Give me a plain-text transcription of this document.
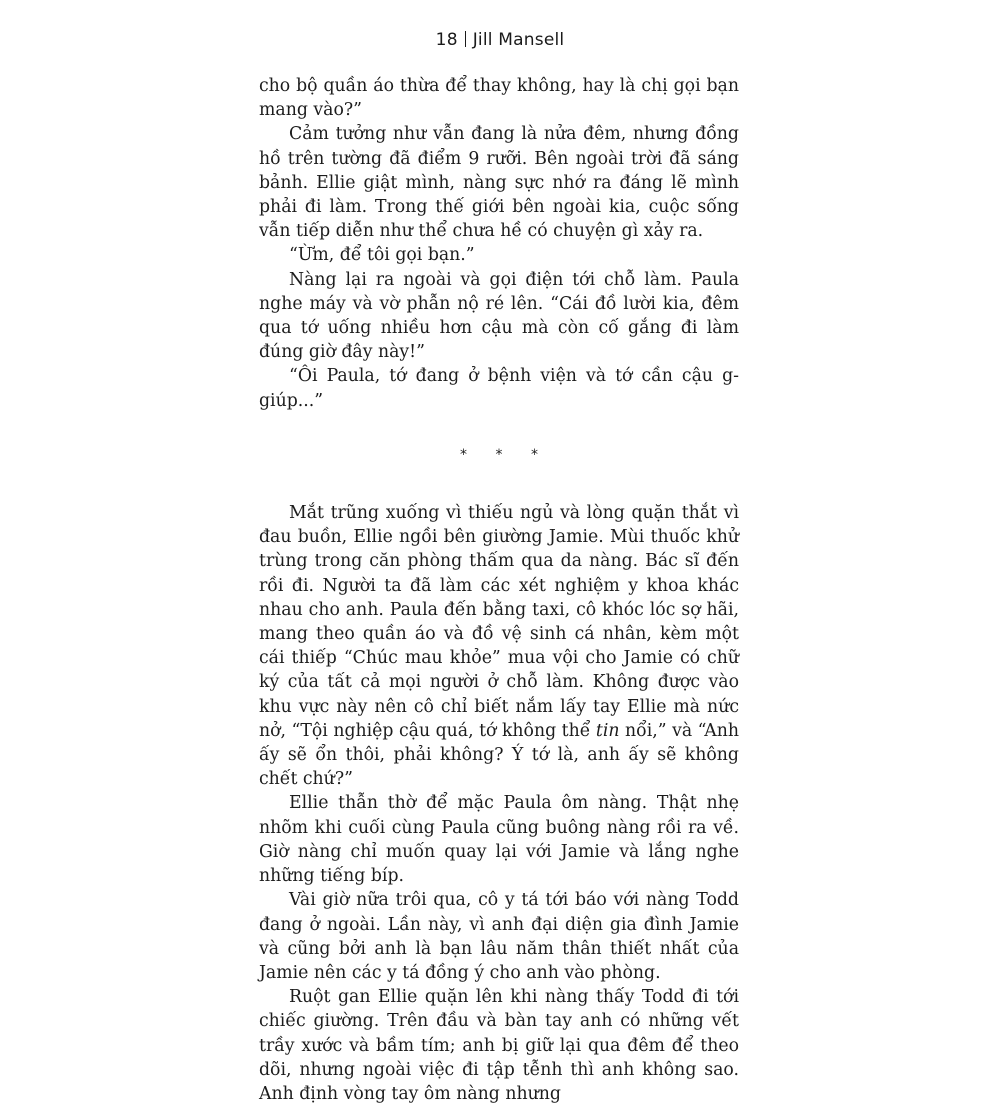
18 Jill Mansell

cho bộ quần áo thừa để thay không, hay là chị gọi bạn mang vào?”

Cảm tưởng như vẫn đang là nửa đêm, nhưng đồng hồ trên tường đã điểm 9 rưỡi. Bên ngoài trời đã sáng bảnh. Ellie giật mình, nàng sực nhớ ra đáng lẽ mình phải đi làm. Trong thế giới bên ngoài kia, cuộc sống vẫn tiếp diễn như thể chưa hề có chuyện gì xảy ra.

“Ừm, để tôi gọi bạn.”

Nàng lại ra ngoài và gọi điện tới chỗ làm. Paula nghe máy và vờ phẫn nộ ré lên. “Cái đồ lười kia, đêm qua tớ uống nhiều hơn cậu mà còn cố gắng đi làm đúng giờ đây này!”

“Ôi Paula, tớ đang ở bệnh viện và tớ cần cậu g-giúp...”

* * *

Mắt trũng xuống vì thiếu ngủ và lòng quặn thắt vì đau buồn, Ellie ngồi bên giường Jamie. Mùi thuốc khử trùng trong căn phòng thấm qua da nàng. Bác sĩ đến rồi đi. Người ta đã làm các xét nghiệm y khoa khác nhau cho anh. Paula đến bằng taxi, cô khóc lóc sợ hãi, mang theo quần áo và đồ vệ sinh cá nhân, kèm một cái thiếp “Chúc mau khỏe” mua vội cho Jamie có chữ ký của tất cả mọi người ở chỗ làm. Không được vào khu vực này nên cô chỉ biết nắm lấy tay Ellie mà nức nở, “Tội nghiệp cậu quá, tớ không thể tin nổi,” và “Anh ấy sẽ ổn thôi, phải không? Ý tớ là, anh ấy sẽ không chết chứ?”

Ellie thẫn thờ để mặc Paula ôm nàng. Thật nhẹ nhõm khi cuối cùng Paula cũng buông nàng rồi ra về. Giờ nàng chỉ muốn quay lại với Jamie và lắng nghe những tiếng bíp.

Vài giờ nữa trôi qua, cô y tá tới báo với nàng Todd đang ở ngoài. Lần này, vì anh đại diện gia đình Jamie và cũng bởi anh là bạn lâu năm thân thiết nhất của Jamie nên các y tá đồng ý cho anh vào phòng.

Ruột gan Ellie quặn lên khi nàng thấy Todd đi tới chiếc giường. Trên đầu và bàn tay anh có những vết trầy xước và bầm tím; anh bị giữ lại qua đêm để theo dõi, nhưng ngoài việc đi tập tễnh thì anh không sao. Anh định vòng tay ôm nàng nhưng
